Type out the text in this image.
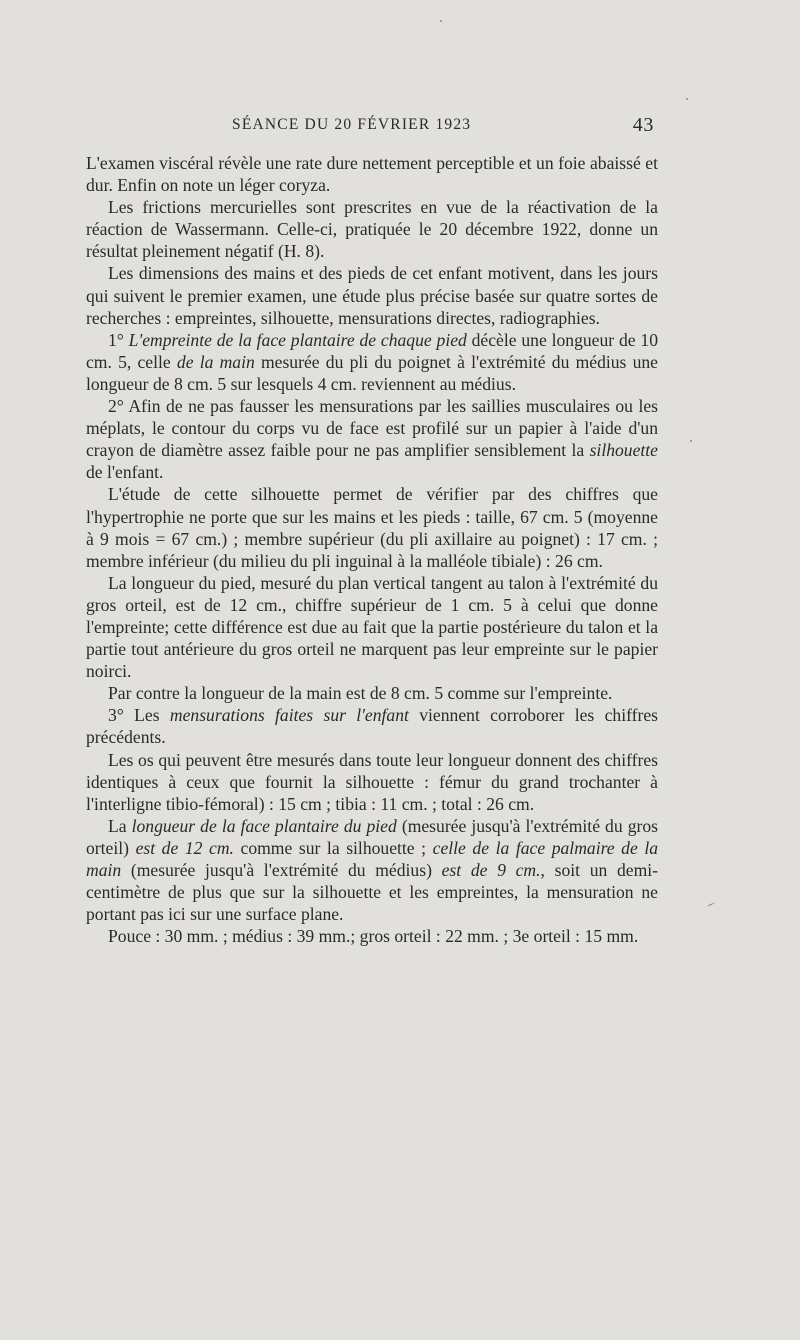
SÉANCE DU 20 FÉVRIER 1923	43

L'examen viscéral révèle une rate dure nettement perceptible et un foie abaissé et dur. Enfin on note un léger coryza.

Les frictions mercurielles sont prescrites en vue de la réactivation de la réaction de Wassermann. Celle-ci, pratiquée le 20 décembre 1922, donne un résultat pleinement négatif (H. 8).

Les dimensions des mains et des pieds de cet enfant motivent, dans les jours qui suivent le premier examen, une étude plus précise basée sur quatre sortes de recherches : empreintes, silhouette, mensurations directes, radiographies.

1° L'empreinte de la face plantaire de chaque pied décèle une longueur de 10 cm. 5, celle de la main mesurée du pli du poignet à l'extrémité du médius une longueur de 8 cm. 5 sur lesquels 4 cm. reviennent au médius.

2° Afin de ne pas fausser les mensurations par les saillies musculaires ou les méplats, le contour du corps vu de face est profilé sur un papier à l'aide d'un crayon de diamètre assez faible pour ne pas amplifier sensiblement la silhouette de l'enfant.

L'étude de cette silhouette permet de vérifier par des chiffres que l'hypertrophie ne porte que sur les mains et les pieds : taille, 67 cm. 5 (moyenne à 9 mois = 67 cm.) ; membre supérieur (du pli axillaire au poignet) : 17 cm. ; membre inférieur (du milieu du pli inguinal à la malléole tibiale) : 26 cm.

La longueur du pied, mesuré du plan vertical tangent au talon à l'extrémité du gros orteil, est de 12 cm., chiffre supérieur de 1 cm. 5 à celui que donne l'empreinte; cette différence est due au fait que la partie postérieure du talon et la partie tout antérieure du gros orteil ne marquent pas leur empreinte sur le papier noirci.

Par contre la longueur de la main est de 8 cm. 5 comme sur l'empreinte.

3° Les mensurations faites sur l'enfant viennent corroborer les chiffres précédents.

Les os qui peuvent être mesurés dans toute leur longueur donnent des chiffres identiques à ceux que fournit la silhouette : fémur du grand trochanter à l'interligne tibio-fémoral) : 15 cm ; tibia : 11 cm. ; total : 26 cm.

La longueur de la face plantaire du pied (mesurée jusqu'à l'extrémité du gros orteil) est de 12 cm. comme sur la silhouette ; celle de la face palmaire de la main (mesurée jusqu'à l'extrémité du médius) est de 9 cm., soit un demi-centimètre de plus que sur la silhouette et les empreintes, la mensuration ne portant pas ici sur une surface plane.

Pouce : 30 mm. ; médius : 39 mm.; gros orteil : 22 mm. ; 3e orteil : 15 mm.
